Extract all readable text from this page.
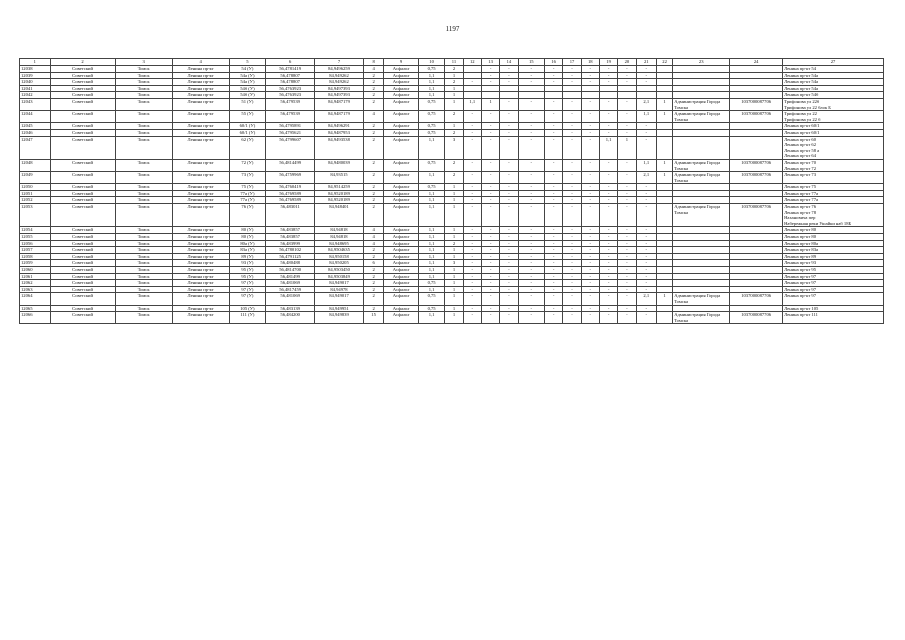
1197
1	2	3	4	5	6	7	8	9	10	11	12	13	14	15	16	17	18	19	20	21	22	23	24	27
12038	Советский	Томск	Ленина пр-кт	54 (У)	56,4781419	84,9496259	4	Асфальт	0,75	2		-	-	-	-	-	-	-	-	-				Ленина пр-кт 54
12039	Советский	Томск	Ленина пр-кт	54а (У)	56,478807	84,949262	2	Асфальт	1,1	1		-	-	-	-	-	-	-	-	-				Ленина пр-кт 54а
12040	Советский	Томск	Ленина пр-кт	54а (У)	56,478807	84,949262	2	Асфальт	1,1	2	-	-	-	-	-	-	-	-	-	-				Ленина пр-кт 54а
12041	Советский	Томск	Ленина пр-кт	54б (У)	56,4763923	84,9497393	2	Асфальт	1,1	1														Ленина пр-кт 54а
12042	Советский	Томск	Ленина пр-кт	54б (У)	56,4763923	84,9497393	2	Асфальт	1,1	1														Ленина пр-кт 54б
12043	Советский	Томск	Ленина пр-кт	51 (У)	56,479539	84,9487179	2	Асфальт	0,75	1	1,1	1	-	-	-	-	-	-	-	2,1	1	Администрация Города Томска	1037000087706	Трифонова ул 22б
Трифонова ул 22 блок Б

12044	Советский	Томск	Ленина пр-кт	55 (У)	56,479539	84,9487179	4	Асфальт	0,75	2	-	-	-	-	-	-	-	-	-	1,1	1	Администрация Города Томска	1037000087706	Трифонова ул 22
Трифонова ул 22 б

12045	Советский	Томск	Ленина пр-кт	60/1 (У)	56,4795891	84,9496291	2	Асфальт	0,75	1	-	-	-	-	-	-	-	-	-	-				Ленина пр-кт 60/1
12046	Советский	Томск	Ленина пр-кт	60/1 (У)	56,4795621	84,9487953	2	Асфальт	0,75	2	-	-	-	-	-	-	-	-	-	-				Ленина пр-кт 60/1
12047	Советский	Томск	Ленина пр-кт	62 (У)	56,4799607	84,9493538	2	Асфальт	1,1	3	-	-	-	-	-	-	-	1,1	1	-				Ленина пр-кт 60
Ленина пр-кт 62
Ленина пр-кт 58 а
Ленина пр-кт 64

12048	Советский	Томск	Ленина пр-кт	72 (У)	56,4814499	84,9480039	2	Асфальт	0,75	2	-	-	-	-	-	-	-	-	-	1,1	1	Администрация Города Томска	1037000087706	Ленина пр-кт 70
Ленина пр-кт 72

12049	Советский	Томск	Ленина пр-кт	73 (У)	56,4759969	84,93515	2	Асфальт	1,1	2	-	-	-	-	-	-	-	-	-	2,1	1	Администрация Города Томска	1037000087706	Ленина пр-кт 73
12050	Советский	Томск	Ленина пр-кт	75 (У)	56,4760419	84,9514259	2	Асфальт	0,75	1	-	-	-	-	-	-	-	-	-	-				Ленина пр-кт 75
12051	Советский	Томск	Ленина пр-кт	77а (У)	56,4769589	84,9520189	2	Асфальт	1,1	1	-	-	-	-	-	-	-	-	-	-				Ленина пр-кт 77а
12052	Советский	Томск	Ленина пр-кт	77а (У)	56,4769589	84,9520189	2	Асфальт	1,1	1	-	-	-	-	-	-	-	-	-	-				Ленина пр-кт 77а
12053	Советский	Томск	Ленина пр-кт	76 (У)	56,483011	84,948401	2	Асфальт	1,1	1	-	-	-	-	-	-	-	-	-	-		Администрация Города Томска	1037000087706	Ленина пр-кт 76
Ленина пр-кт 78
Нахановича пер
Набережная реки Ушайки наб 18Б

12054	Советский	Томск	Ленина пр-кт	80 (У)	56,483857	84,94818	4	Асфальт	1,1	1	-	-	-	-	-	-	-	-	-	-				Ленина пр-кт 80
12055	Советский	Томск	Ленина пр-кт	80 (У)	56,483857	84,94818	4	Асфальт	1,1	1	-	-	-	-	-	-	-	-	-	-				Ленина пр-кт 80
12056	Советский	Томск	Ленина пр-кт	80а (У)	56,483999	84,948695	4	Асфальт	1,1	2	-	-	-	-	-	-	-	-	-	-				Ленина пр-кт 80а
12057	Советский	Томск	Ленина пр-кт	83а (У)	56,4780102	84,9504635	2	Асфальт	1,1	1	-	-	-	-	-	-	-	-	-	-				Ленина пр-кт 83а
12058	Советский	Томск	Ленина пр-кт	89 (У)	56,4791125	84,950158	2	Асфальт	1,1	1	-	-	-	-	-	-	-	-	-	-				Ленина пр-кт 89
12059	Советский	Томск	Ленина пр-кт	93 (У)	56,480488	84,950205	6	Асфальт	1,1	3	-	-	-	-	-	-	-	-	-	-				Ленина пр-кт 93
12060	Советский	Томск	Ленина пр-кт	95 (У)	56,4814700	84,9503450	2	Асфальт	1,1	1	-	-	-	-	-	-	-	-	-	-				Ленина пр-кт 95
12061	Советский	Томск	Ленина пр-кт	95 (У)	56,481499	84,9503849	2	Асфальт	1,1	1	-	-	-	-	-	-	-	-	-	-				Ленина пр-кт 97
12062	Советский	Томск	Ленина пр-кт	97 (У)	56,481069	84,949017	2	Асфальт	0,75	1	-	-	-	-	-	-	-	-	-	-				Ленина пр-кт 97
12063	Советский	Томск	Ленина пр-кт	97 (У)	56,4817459	84,94978	2	Асфальт	1,1	1	-	-	-	-	-	-	-	-	-	-				Ленина пр-кт 97
12064	Советский	Томск	Ленина пр-кт	97 (У)	56,481069	84,949017	2	Асфальт	0,75	1	-	-	-	-	-	-	-	-	-	2,1	1	Администрация Города Томска	1037000087706	Ленина пр-кт 97
12065	Советский	Томск	Ленина пр-кт	105 (У)	56,483139	84,949951	2	Асфальт	0,75	1	-	-	-	-	-	-	-	-	-	-				Ленина пр-кт 105
12066	Советский	Томск	Ленина пр-кт	111 (У)	56,484200	84,949839	15	Асфальт	1,1	1	-	-	-	-	-	-	-	-	-	-		Администрация Города Томска	1037000087706	Ленина пр-кт 111
